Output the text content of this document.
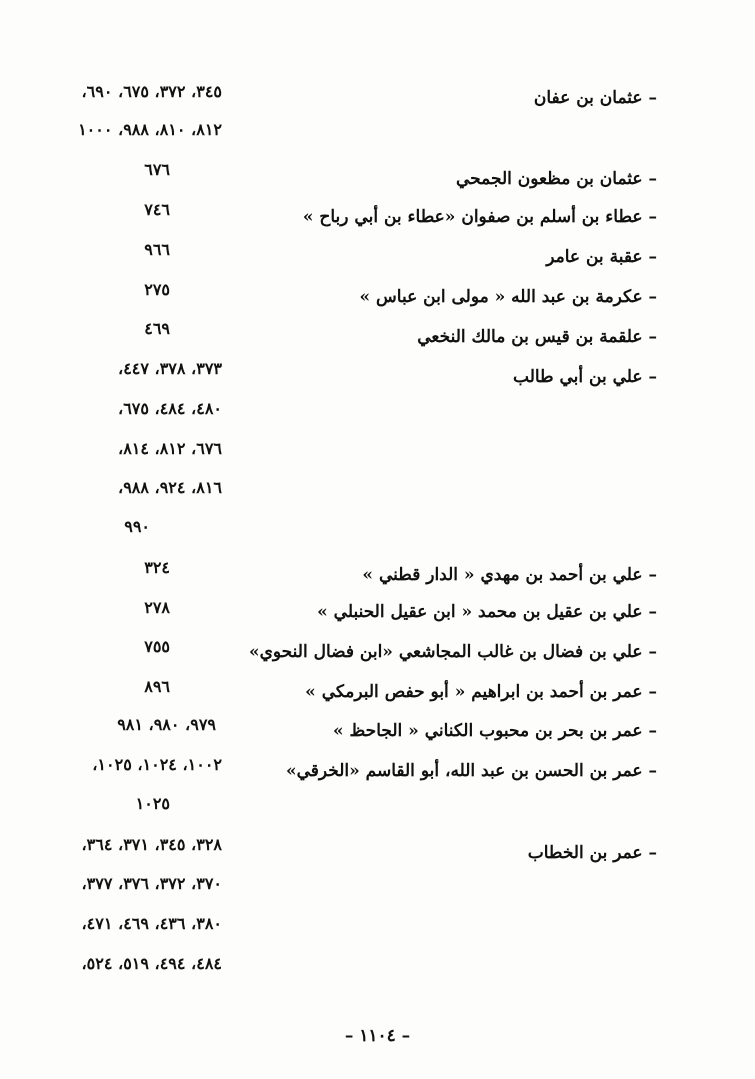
– عثمان بن عفان
– عثمان بن مظعون الجمحي
– عطاء بن أسلم بن صفوان «عطاء بن أبي رباح »
– عقبة بن عامر
– عكرمة بن عبد الله « مولى ابن عباس »
– علقمة بن قيس بن مالك النخعي
– علي بن أبي طالب
– علي بن أحمد بن مهدي « الدار قطني »
– علي بن عقيل بن محمد « ابن عقيل الحنبلي »
– علي بن فضال بن غالب المجاشعي «ابن فضال النحوي»
– عمر بن أحمد بن ابراهيم « أبو حفص البرمكي »
– عمر بن بحر بن محبوب الكناني « الجاحظ »
– عمر بن الحسن بن عبد الله، أبو القاسم «الخرقي»
– عمر بن الخطاب
٣٤٥، ٣٧٢، ٦٧٥، ٦٩٠،
٨١٢، ٨١٠، ٩٨٨، ١٠٠٠
٦٧٦
٧٤٦
٩٦٦
٢٧٥
٤٦٩
٣٧٣، ٣٧٨، ٤٤٧،
٤٨٠، ٤٨٤، ٦٧٥،
٦٧٦، ٨١٢، ٨١٤،
٨١٦، ٩٢٤، ٩٨٨،
٩٩٠
٣٢٤
٢٧٨
٧٥٥
٨٩٦
٩٧٩، ٩٨٠، ٩٨١
١٠٠٢، ١٠٢٤، ١٠٢٥،
١٠٢٥
٣٢٨، ٣٤٥، ٣٧١، ٣٦٤،
٣٧٠، ٣٧٢، ٣٧٦، ٣٧٧،
٣٨٠، ٤٣٦، ٤٦٩، ٤٧١،
٤٨٤، ٤٩٤، ٥١٩، ٥٢٤،
– ١١٠٤ –
